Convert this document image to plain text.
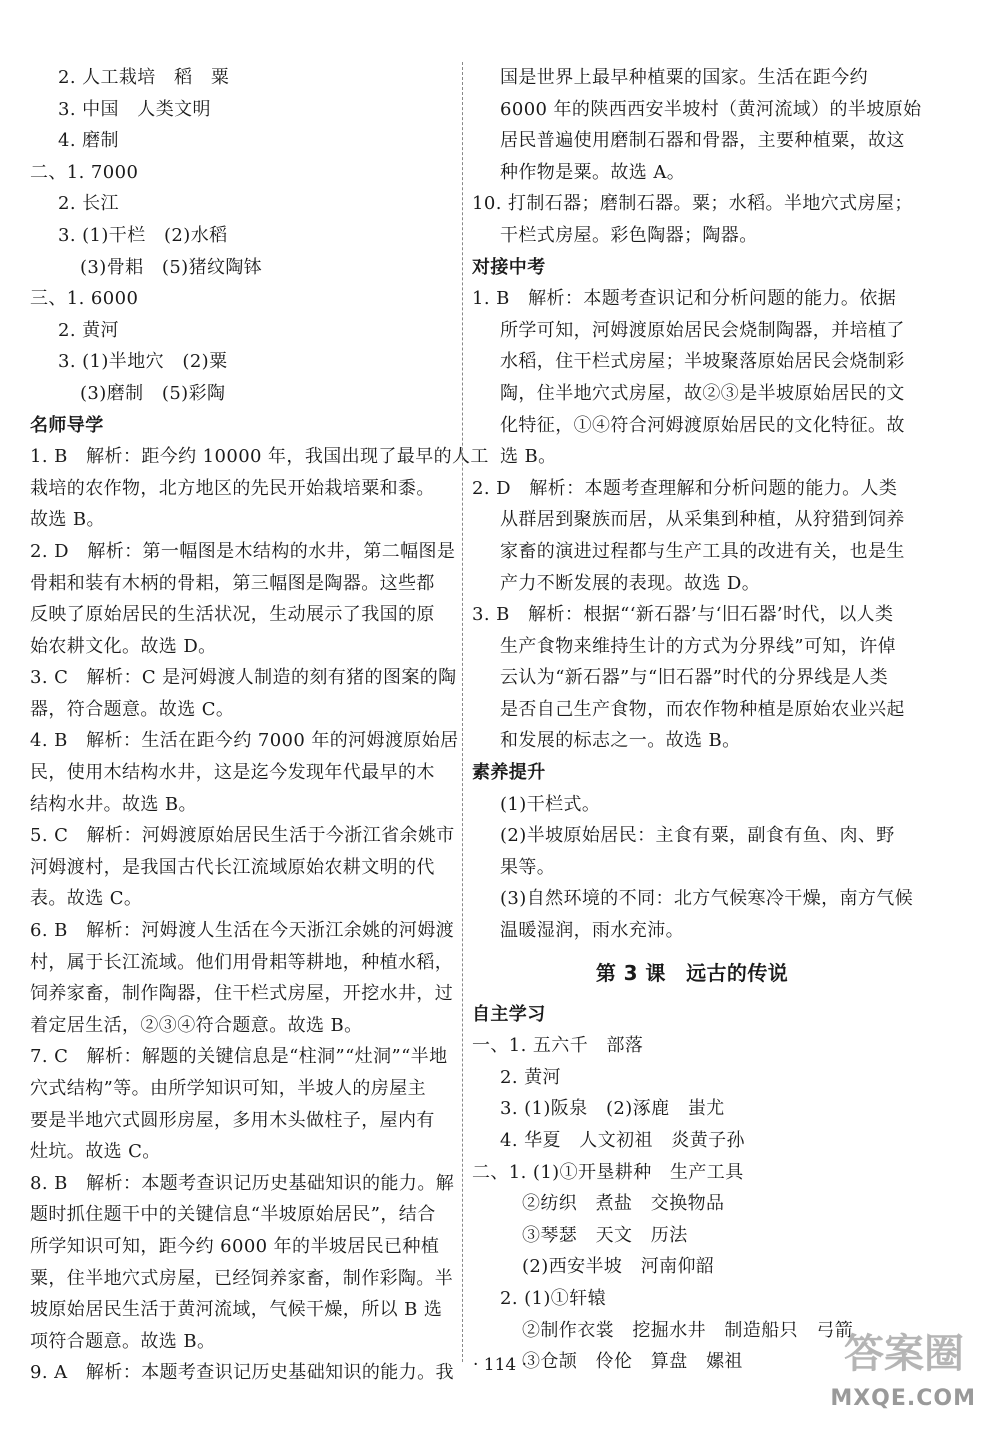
2. 人工栽培　稻　粟
3. 中国　人类文明
4. 磨制
二、1. 7000
2. 长江
3. (1)干栏　(2)水稻
(3)骨耜　(5)猪纹陶钵
三、1. 6000
2. 黄河
3. (1)半地穴　(2)粟
(3)磨制　(5)彩陶
名师导学
1. B　解析：距今约 10000 年，我国出现了最早的人工
栽培的农作物，北方地区的先民开始栽培粟和黍。
故选 B。
2. D　解析：第一幅图是木结构的水井，第二幅图是
骨耜和装有木柄的骨耜，第三幅图是陶器。这些都
反映了原始居民的生活状况，生动展示了我国的原
始农耕文化。故选 D。
3. C　解析：C 是河姆渡人制造的刻有猪的图案的陶
器，符合题意。故选 C。
4. B　解析：生活在距今约 7000 年的河姆渡原始居
民，使用木结构水井，这是迄今发现年代最早的木
结构水井。故选 B。
5. C　解析：河姆渡原始居民生活于今浙江省余姚市
河姆渡村，是我国古代长江流域原始农耕文明的代
表。故选 C。
6. B　解析：河姆渡人生活在今天浙江余姚的河姆渡
村，属于长江流域。他们用骨耜等耕地，种植水稻，
饲养家畜，制作陶器，住干栏式房屋，开挖水井，过
着定居生活，②③④符合题意。故选 B。
7. C　解析：解题的关键信息是“柱洞”“灶洞”“半地
穴式结构”等。由所学知识可知，半坡人的房屋主
要是半地穴式圆形房屋，多用木头做柱子，屋内有
灶坑。故选 C。
8. B　解析：本题考查识记历史基础知识的能力。解
题时抓住题干中的关键信息“半坡原始居民”，结合
所学知识可知，距今约 6000 年的半坡居民已种植
粟，住半地穴式房屋，已经饲养家畜，制作彩陶。半
坡原始居民生活于黄河流域，气候干燥，所以 B 选
项符合题意。故选 B。
9. A　解析：本题考查识记历史基础知识的能力。我
国是世界上最早种植粟的国家。生活在距今约
6000 年的陕西西安半坡村（黄河流域）的半坡原始
居民普遍使用磨制石器和骨器，主要种植粟，故这
种作物是粟。故选 A。
10. 打制石器；磨制石器。粟；水稻。半地穴式房屋；
干栏式房屋。彩色陶器；陶器。
对接中考
1. B　解析：本题考查识记和分析问题的能力。依据
所学可知，河姆渡原始居民会烧制陶器，并培植了
水稻，住干栏式房屋；半坡聚落原始居民会烧制彩
陶，住半地穴式房屋，故②③是半坡原始居民的文
化特征，①④符合河姆渡原始居民的文化特征。故
选 B。
2. D　解析：本题考查理解和分析问题的能力。人类
从群居到聚族而居，从采集到种植，从狩猎到饲养
家畜的演进过程都与生产工具的改进有关，也是生
产力不断发展的表现。故选 D。
3. B　解析：根据“‘新石器’与‘旧石器’时代，以人类
生产食物来维持生计的方式为分界线”可知，许倬
云认为“新石器”与“旧石器”时代的分界线是人类
是否自己生产食物，而农作物种植是原始农业兴起
和发展的标志之一。故选 B。
素养提升
(1)干栏式。
(2)半坡原始居民：主食有粟，副食有鱼、肉、野
果等。
(3)自然环境的不同：北方气候寒冷干燥，南方气候
温暖湿润，雨水充沛。
第 3 课　远古的传说
自主学习
一、1. 五六千　部落
2. 黄河
3. (1)阪泉　(2)涿鹿　蚩尤
4. 华夏　人文初祖　炎黄子孙
二、1. (1)①开垦耕种　生产工具
②纺织　煮盐　交换物品
③琴瑟　天文　历法
(2)西安半坡　河南仰韶
2. (1)①轩辕
②制作衣裳　挖掘水井　制造船只　弓箭
③仓颉　伶伦　算盘　嫘祖
· 114 ·	答案圈
MXQE.COM
